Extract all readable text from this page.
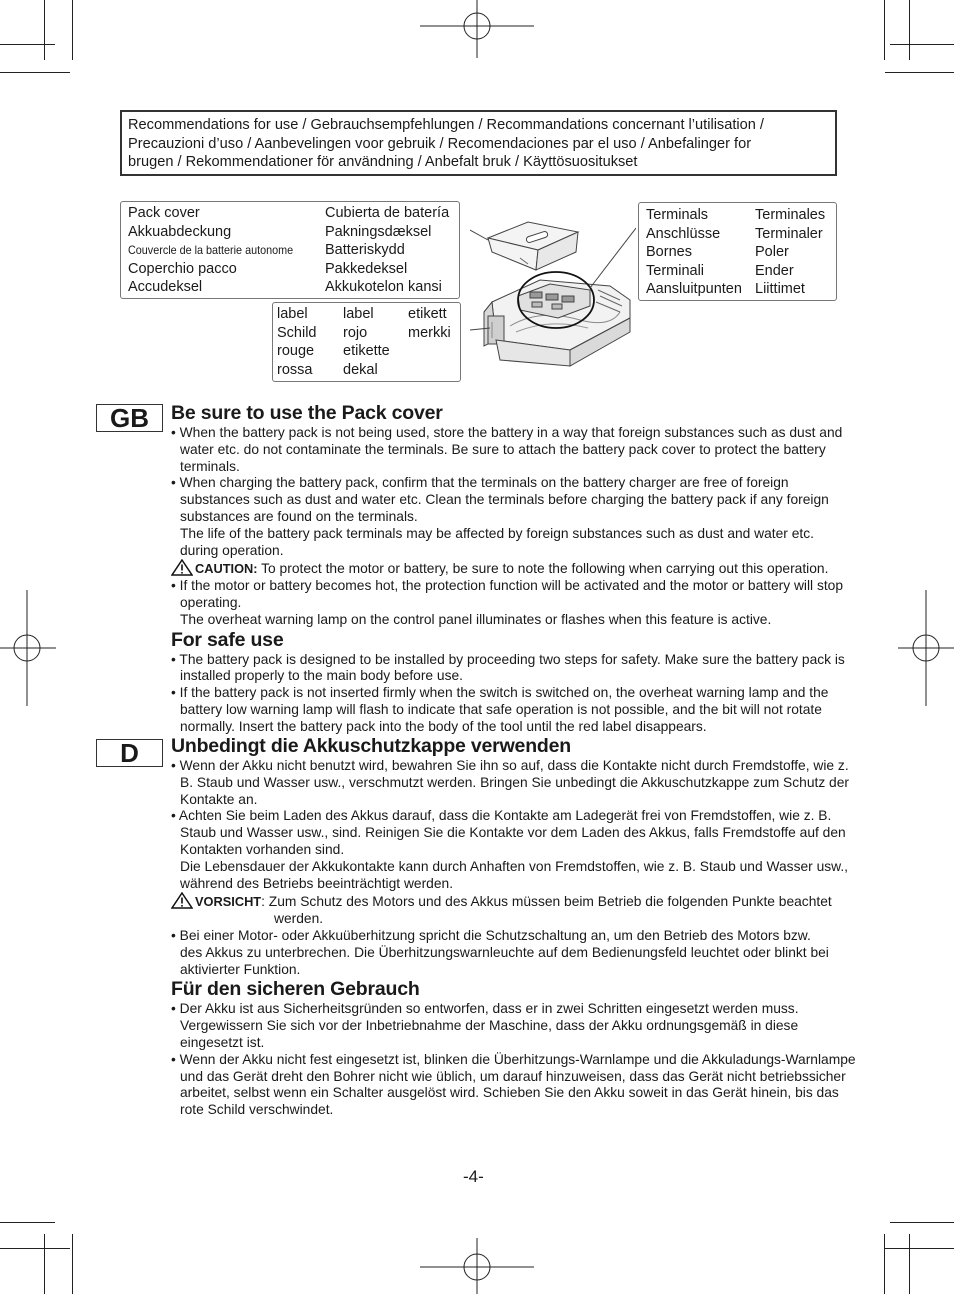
Recommendations for use / Gebrauchsempfehlungen / Recommandations concernant l’utilisation /
Precauzioni d’uso / Aanbevelingen voor gebruik / Recomendaciones par el uso / Anbefalinger for
brugen / Rekommendationer för användning / Anbefalt bruk / Käyttösuositukset
Pack cover
Akkuabdeckung
Couvercle de la batterie autonome
Coperchio pacco
Accudeksel
Cubierta de batería
Pakningsdæksel
Batteriskydd
Pakkedeksel
Akkukotelon kansi
label
Schild
rouge
rossa
label
rojo
etikette
dekal
etikett
merkki
Terminals
Anschlüsse
Bornes
Terminali
Aansluitpunten
Terminales
Terminaler
Poler
Ender
Liittimet
GB	Be sure to use the Pack cover
• When the battery pack is not being used, store the battery in a way that foreign substances such as dust and
water etc. do not contaminate the terminals. Be sure to attach the battery pack cover to protect the battery
terminals.
• When charging the battery pack, confirm that the terminals on the battery charger are free of foreign
substances such as dust and water etc. Clean the terminals before charging the battery pack if any foreign
substances are found on the terminals.
The life of the battery pack terminals may be affected by foreign substances such as dust and water etc.
during operation.
CAUTION: To protect the motor or battery, be sure to note the following when carrying out this operation.
• If the motor or battery becomes hot, the protection function will be activated and the motor or battery will stop
operating.
The overheat warning lamp on the control panel illuminates or flashes when this feature is active.
For safe use
• The battery pack is designed to be installed by proceeding two steps for safety. Make sure the battery pack is
installed properly to the main body before use.
• If the battery pack is not inserted firmly when the switch is switched on, the overheat warning lamp and the
battery low warning lamp will flash to indicate that safe operation is not possible, and the bit will not rotate
normally. Insert the battery pack into the body of the tool until the red label disappears.
D	Unbedingt die Akkuschutzkappe verwenden
• Wenn der Akku nicht benutzt wird, bewahren Sie ihn so auf, dass die Kontakte nicht durch Fremdstoffe, wie z.
B. Staub und Wasser usw., verschmutzt werden. Bringen Sie unbedingt die Akkuschutzkappe zum Schutz der
Kontakte an.
• Achten Sie beim Laden des Akkus darauf, dass die Kontakte am Ladegerät frei von Fremdstoffen, wie z. B.
Staub und Wasser usw., sind. Reinigen Sie die Kontakte vor dem Laden des Akkus, falls Fremdstoffe auf den
Kontakten vorhanden sind.
Die Lebensdauer der Akkukontakte kann durch Anhaften von Fremdstoffen, wie z. B. Staub und Wasser usw.,
während des Betriebs beeinträchtigt werden.
VORSICHT: Zum Schutz des Motors und des Akkus müssen beim Betrieb die folgenden Punkte beachtet
werden.
• Bei einer Motor- oder Akkuüberhitzung spricht die Schutzschaltung an, um den Betrieb des Motors bzw.
des Akkus zu unterbrechen. Die Überhitzungswarnleuchte auf dem Bedienungsfeld leuchtet oder blinkt bei
aktivierter Funktion.
Für den sicheren Gebrauch
• Der Akku ist aus Sicherheitsgründen so entworfen, dass er in zwei Schritten eingesetzt werden muss.
Vergewissern Sie sich vor der Inbetriebnahme der Maschine, dass der Akku ordnungsgemäß in diese
eingesetzt ist.
• Wenn der Akku nicht fest eingesetzt ist, blinken die Überhitzungs-Warnlampe und die Akkuladungs-Warnlampe
und das Gerät dreht den Bohrer nicht wie üblich, um darauf hinzuweisen, dass das Gerät nicht betriebssicher
arbeitet, selbst wenn ein Schalter ausgelöst wird. Schieben Sie den Akku soweit in das Gerät hinein, bis das
rote Schild verschwindet.
-4-
